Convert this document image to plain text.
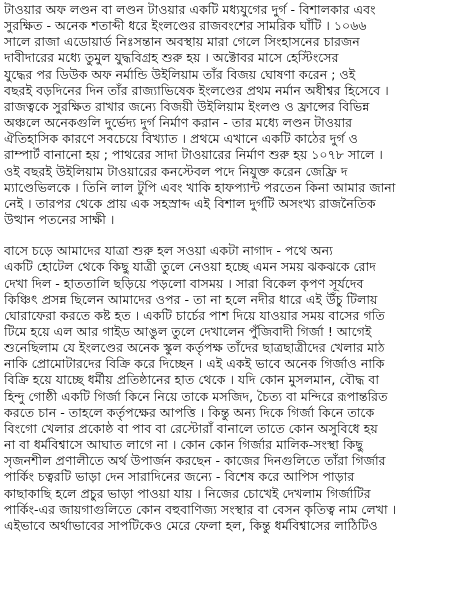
টাওয়ার অফ লণ্ডন বা লণ্ডন টাওয়ার একটি মধ্যযুগের দুর্গ - বিশালকার এবং
সুরক্ষিত - অনেক শতাব্দী ধরে ইংলণ্ডের রাজবংশের সামরিক ঘাঁটি । ১০৬৬
সালে রাজা এডোয়ার্ড নিঃসন্তান অবস্থায় মারা গেলে সিংহাসনের চারজন
দাবীদারের মধ্যে তুমুল যুদ্ধবিগ্রহ শুরু হয় । অক্টোবর মাসে হেস্টিংসের
যুদ্ধের পর ডিউক অফ নর্মান্ডি উইলিয়াম তাঁর বিজয় ঘোষণা করেন ; ওই
বছরই বড়দিনের দিন তাঁর রাজ্যাভিষেক ইংলণ্ডের প্রথম নর্মান অধীশ্বর হিসেবে ।
রাজত্বকে সুরক্ষিত রাখার জন্যে বিজয়ী উইলিয়াম ইংলণ্ড ও ফ্রান্সের বিভিন্ন
অঞ্চলে অনেকগুলি দুর্ভেদ্য দুর্গ নির্মাণ করান - তার মধ্যে লণ্ডন টাওয়ার
ঐতিহাসিক কারণে সবচেয়ে বিখ্যাত । প্রথমে এখানে একটি কাঠের দুর্গ ও
রাম্পার্ট বানানো হয় ; পাথরের সাদা টাওয়ারের নির্মাণ শুরু হয় ১০৭৮ সালে ।
ওই বছরই উইলিয়াম টাওয়ারের কনস্টেবল পদে নিযুক্ত করেন জেফ্রি দ
ম্যাণ্ডেভিলকে । তিনি লাল টুপি এবং খাকি হাফপ্যান্ট পরতেন কিনা আমার জানা
নেই । তারপর থেকে প্রায় এক সহস্রাব্দ এই বিশাল দুর্গটি অসংখ্য রাজনৈতিক
উত্থান পতনের সাক্ষী ।
বাসে চড়ে আমাদের যাত্রা শুরু হল সওয়া একটা নাগাদ - পথে অন্য
একটি হোটেল থেকে কিছু যাত্রী তুলে নেওয়া হচ্ছে এমন সময় ঝকঝকে রোদ
দেখা দিল - হাততালি ছড়িয়ে পড়লো বাসময় । সারা বিকেল কৃপণ সূর্যদেব
কিঞ্চিৎ প্রসন্ন ছিলেন আমাদের ওপর - তা না হলে নদীর ধারে এই উঁচু টিলায়
ঘোরাফেরা করতে কষ্ট হত । একটি চার্চের পাশ দিয়ে যাওয়ার সময় বাসের গতি
টিমে হয়ে এল আর গাইড আঙুল তুলে দেখালেন পুঁজিবাদী গির্জা ! আগেই
শুনেছিলাম যে ইংলণ্ডের অনেক স্কুল কর্তৃপক্ষ তাঁদের ছাত্রছাত্রীদের খেলার মাঠ
নাকি প্রোমোটারদের বিক্রি করে দিচ্ছেন । এই একই ভাবে অনেক গির্জাও নাকি
বিক্রি হয়ে যাচ্ছে ধর্মীয় প্রতিষ্ঠানের হাত থেকে । যদি কোন মুসলমান, বৌদ্ধ বা
হিন্দু গোষ্ঠী একটি গির্জা কিনে নিয়ে তাকে মসজিদ, চৈত্য বা মন্দিরে রূপান্তরিত
করতে চান - তাহলে কর্তৃপক্ষের আপত্তি । কিন্তু অন্য দিকে গির্জা কিনে তাকে
বিংগো খেলার প্রকোষ্ঠ বা পাব বা রেস্টোরাঁ বানালে তাতে কোন অসুবিধে হয়
না বা ধর্মবিশ্বাসে আঘাত লাগে না । কোন কোন গির্জার মালিক-সংস্থা কিছু
সৃজনশীল প্রণালীতে অর্থ উপার্জন করছেন - কাজের দিনগুলিতে তাঁরা গির্জার
পার্কিং চত্বরটি ভাড়া দেন সারাদিনের জন্যে - বিশেষ করে আপিস পাড়ার
কাছাকাছি হলে প্রচুর ভাড়া পাওয়া যায় । নিজের চোখেই দেখলাম গির্জাটির
পার্কিং-এর জায়গাগুলিতে কোন বহুবাণিজ্য সংস্থার বা বেসন কৃতিত্ব নাম লেখা ।
এইভাবে অর্থাভাবের সাপটিকেও মেরে ফেলা হল, কিন্তু ধর্মবিশ্বাসের লাঠিটিও
